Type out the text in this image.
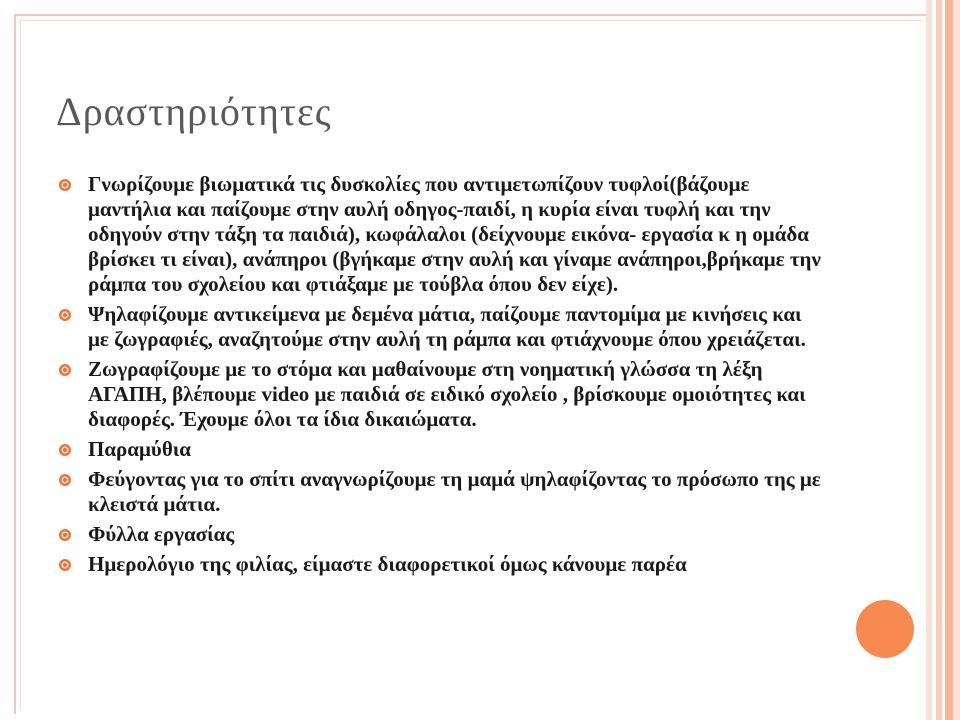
Δραστηριότητες
Γνωρίζουμε βιωματικά τις δυσκολίες που αντιμετωπίζουν τυφλοί(βάζουμε μαντήλια και παίζουμε στην αυλή οδηγος-παιδί, η κυρία είναι τυφλή και την οδηγούν στην τάξη τα παιδιά), κωφάλαλοι (δείχνουμε εικόνα- εργασία κ η ομάδα βρίσκει τι είναι), ανάπηροι (βγήκαμε στην αυλή και γίναμε ανάπηροι,βρήκαμε την ράμπα του σχολείου και φτιάξαμε με τούβλα όπου δεν είχε).
Ψηλαφίζουμε αντικείμενα με δεμένα μάτια, παίζουμε παντομίμα με κινήσεις και με ζωγραφιές, αναζητούμε στην αυλή τη ράμπα και φτιάχνουμε όπου χρειάζεται.
Ζωγραφίζουμε με το στόμα και μαθαίνουμε στη νοηματική γλώσσα τη λέξη ΑΓΑΠΗ, βλέπουμε video με παιδιά σε ειδικό σχολείο , βρίσκουμε ομοιότητες και διαφορές. Έχουμε όλοι τα ίδια δικαιώματα.
Παραμύθια
Φεύγοντας για το σπίτι αναγνωρίζουμε τη μαμά ψηλαφίζοντας το πρόσωπο της με κλειστά μάτια.
Φύλλα εργασίας
Ημερολόγιο της φιλίας, είμαστε διαφορετικοί όμως κάνουμε παρέα
